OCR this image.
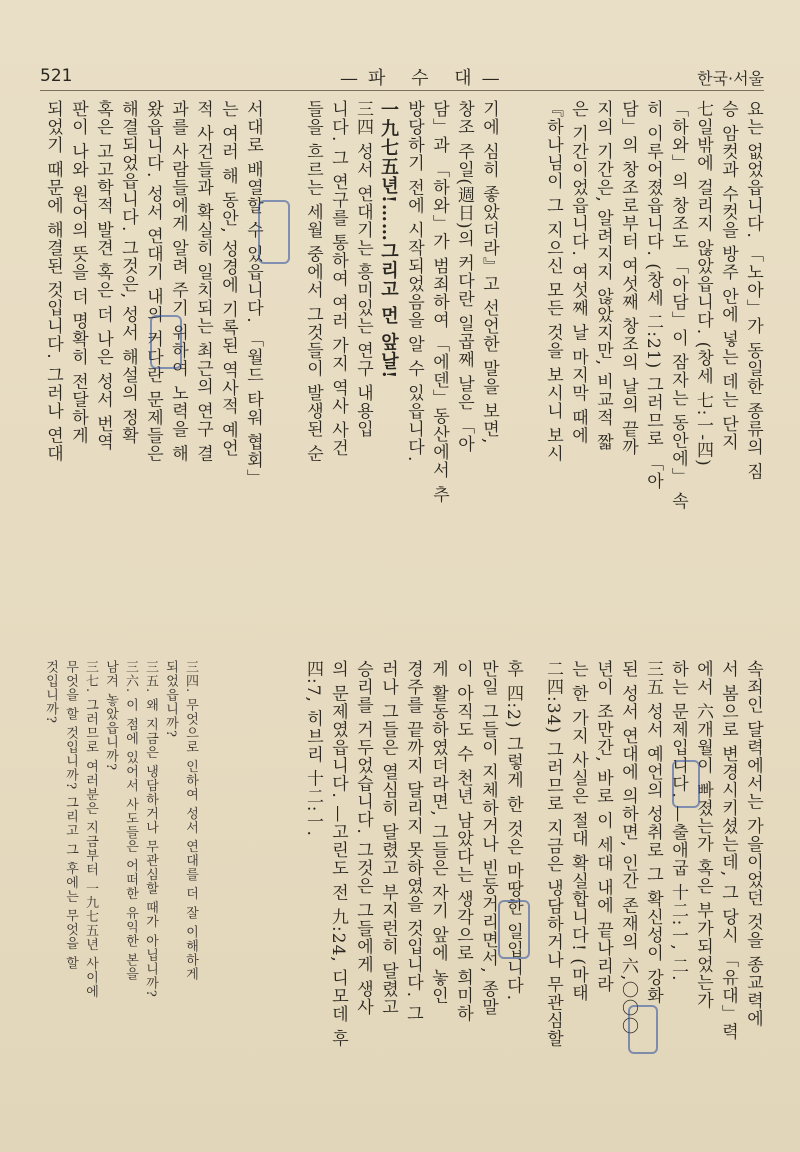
521	—파 수 대—	한국·서울
요는 없었읍니다. 「노아」가 동일한 종류의 짐
승 암컷과 수컷을 방주 안에 넣는 데는 단지
七일밖에 걸리지 않았읍니다. (창세 七:一-四)
「하와」의 창조도 「아담」이 잠자는 동안에」 속
히 이루어졌읍니다. (창세 二:21) 그러므로 「아
담」의 창조로부터 여섯째 창조의 날의 끝까
지의 기간은, 알려지지 않았지만, 비교적 짧
은 기간이었읍니다. 여섯째 날 마지막 때에
『하나님이 그 지으신 모든 것을 보시니 보시
기에 심히 좋았더라』고 선언한 말을 보면,
창조 주일(週日)의 커다란 일곱째 날은 「아
담」과 「하와」가 범죄하여 「에덴」동산에서 추
방당하기 전에 시작되었음을 알 수 있읍니다.
一九七五년!……그리고 먼 앞날!
三四 성서 연대기는 흥미있는 연구 내용입
니다. 그 연구를 통하여 여러 가지 역사 사건
들을 흐르는 세월 중에서 그것들이 발생된 순
서대로 배열할 수 있읍니다. 「월드 타워 협회」
는 여러 해 동안, 성경에 기록된 역사적 예언
적 사건들과 확실히 일치되는 최근의 연구 결
과를 사람들에게 알려 주기 위하여 노력을 해
왔읍니다. 성서 연대기 내의 커다란 문제들은
해결되었읍니다. 그것은, 성서 해설의 정확
혹은 고고학적 발견 혹은 더 나은 성서 번역
판이 나와 원어의 뜻을 더 명확히 전달하게
되었기 때문에 해결된 것입니다. 그러나 연대
속죄인 달력에서는 가을이었던 것을 종교력에
서 봄으로 변경시키셨는데, 그 당시 「유대」력
에서 六개월이 빠졌는가 혹은 부가되었는가
하는 문제입니다. —출애굽 十二:一, 二.
三五 성서 예언의 성취로 그 확신성이 강화
된 성서 연대에 의하면, 인간 존재의 六,〇〇〇
년이 조만간, 바로 이 세대 내에 끝나리라
는 한 가지 사실은 절대 확실합니다! (마태
二四:34) 그러므로 지금은 냉담하거나 무관심할
후 四:2) 그렇게 한 것은 마땅한 일입니다.
만일 그들이 지체하거나 빈둥거리면서, 종말
이 아직도 수 천년 남았다는 생각으로 희미하
게 활동하였더라면, 그들은 자기 앞에 놓인
경주를 끝까지 달리지 못하였을 것입니다. 그
러나 그들은 열심히 달렸고 부지런히 달렸고
승리를 거두었습니다. 그것은 그들에게 생사
의 문제였읍니다. —고린도 전 九:24, 디모데 후
四:7, 히브리 十二:一.
三四. 무엇으로 인하여 성서 연대를 더 잘 이해하게
되었읍니까?
三五. 왜 지금은 냉담하거나 무관심할 때가 아닙니까?
三六. 이 점에 있어서 사도들은 어떠한 유익한 본을
남겨 놓았읍니까?
三七. 그러므로 여러분은 지금부터 一九七五년 사이에
무엇을 할 것입니까? 그리고 그 후에는 무엇을 할
것입니까?
